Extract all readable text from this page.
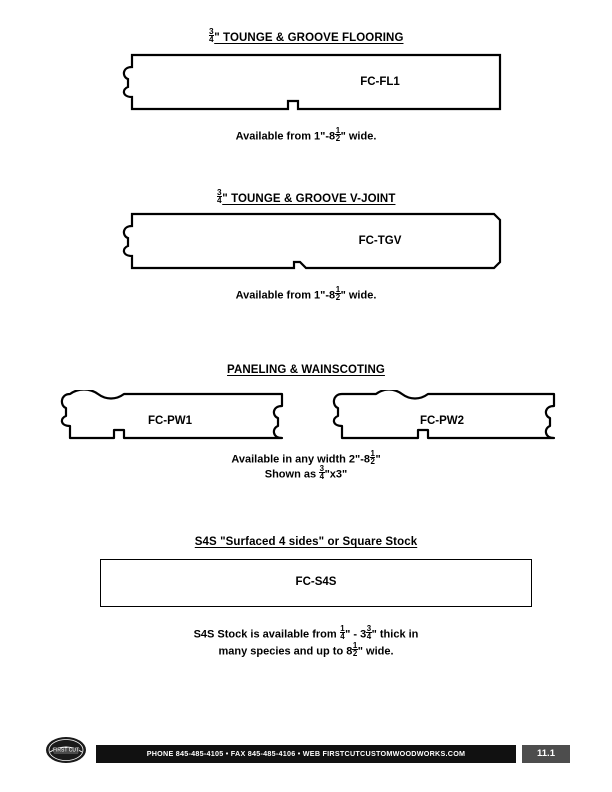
$\frac{3}{4}$ " TOUNGE & GROOVE FLOORING
FC-FL1
Available from 1"-8 $\frac{1}{2}$ " wide.
$\frac{3}{4}$ " TOUNGE & GROOVE V-JOINT
FC-TGV
Available from 1"-8 $\frac{1}{2}$ " wide.
PANELING & WAINSCOTING
FC-PW1	FC-PW2
Available in any width 2"-8 $\frac{1}{2}$ "
Shown as $\frac{3}{4}$ "x3"
S4S "Surfaced 4 sides" or Square Stock
FC-S4S
S4S Stock is available from $\frac{1}{4}$ " - $3 \frac{3}{4}$ " thick in
many species and up to $8 \frac{1}{2}$ " wide.
FIRST CUT	PHONE 845-485-4105 • FAX 845-485-4106 • WEB FIRSTCUTCUSTOMWOODWORKS.COM	11.1
